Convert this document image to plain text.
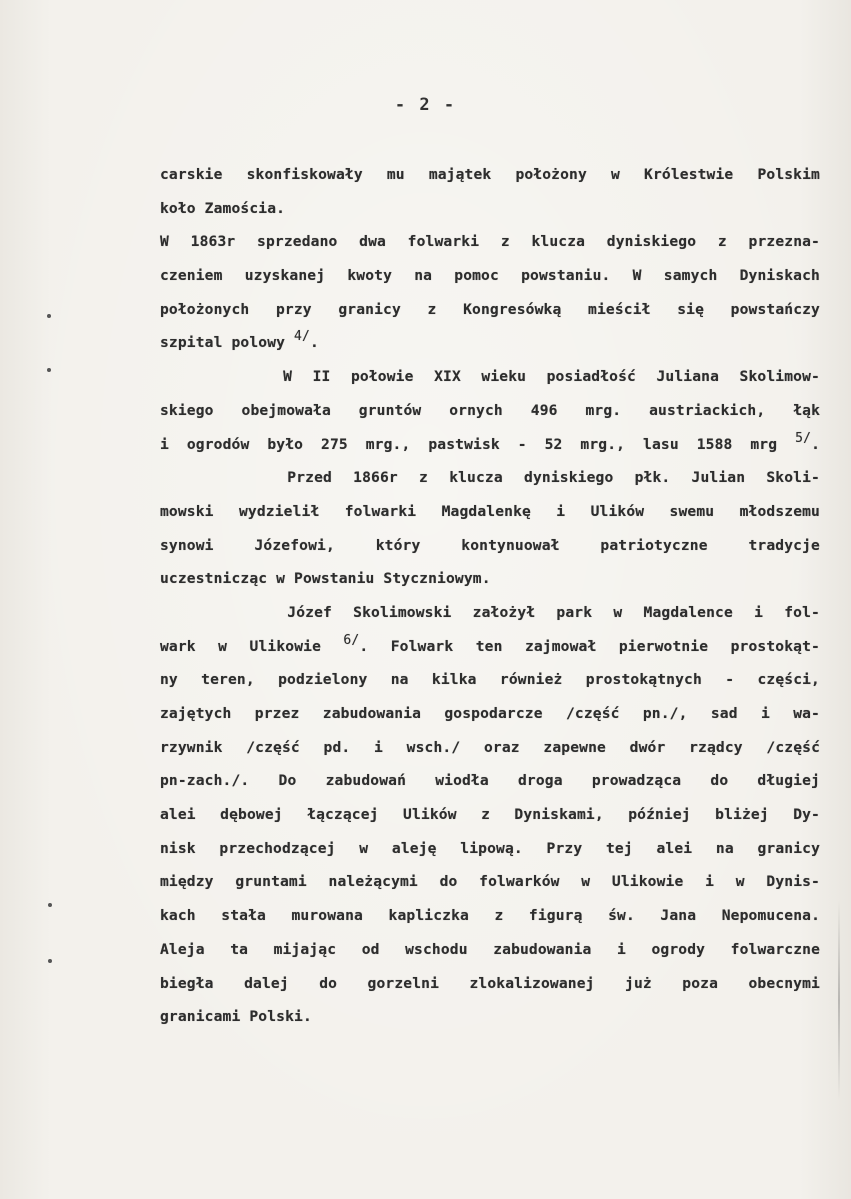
- 2 -
carskie skonfiskowały mu majątek położony w Królestwie Polskim
koło Zamościa.
W 1863r sprzedano dwa folwarki z klucza dyniskiego z przezna-
czeniem uzyskanej kwoty na pomoc powstaniu. W samych Dyniskach
położonych przy granicy z Kongresówką mieścił się powstańczy
szpital polowy $^{4/}$.
W II połowie XIX wieku posiadłość Juliana Skolimow-
skiego obejmowała gruntów ornych 496 mrg. austriackich, łąk
i ogrodów było 275 mrg., pastwisk - 52 mrg., lasu 1588 mrg $^{5/}$.
Przed 1866r z klucza dyniskiego płk. Julian Skoli-
mowski wydzielił folwarki Magdalenkę i Ulików swemu młodszemu
synowi Józefowi, który kontynuował patriotyczne tradycje
uczestnicząc w Powstaniu Styczniowym.
Józef Skolimowski założył park w Magdalence i fol-
wark w Ulikowie $^{6/}$. Folwark ten zajmował pierwotnie prostokąt-
ny teren, podzielony na kilka również prostokątnych - części,
zajętych przez zabudowania gospodarcze /część pn./, sad i wa-
rzywnik /część pd. i wsch./ oraz zapewne dwór rządcy /część
pn-zach./. Do zabudowań wiodła droga prowadząca do długiej
alei dębowej łączącej Ulików z Dyniskami, później bliżej Dy-
nisk przechodzącej w aleję lipową. Przy tej alei na granicy
między gruntami należącymi do folwarków w Ulikowie i w Dynis-
kach stała murowana kapliczka z figurą św. Jana Nepomucena.
Aleja ta mijając od wschodu zabudowania i ogrody folwarczne
biegła dalej do gorzelni zlokalizowanej już poza obecnymi
granicami Polski.
